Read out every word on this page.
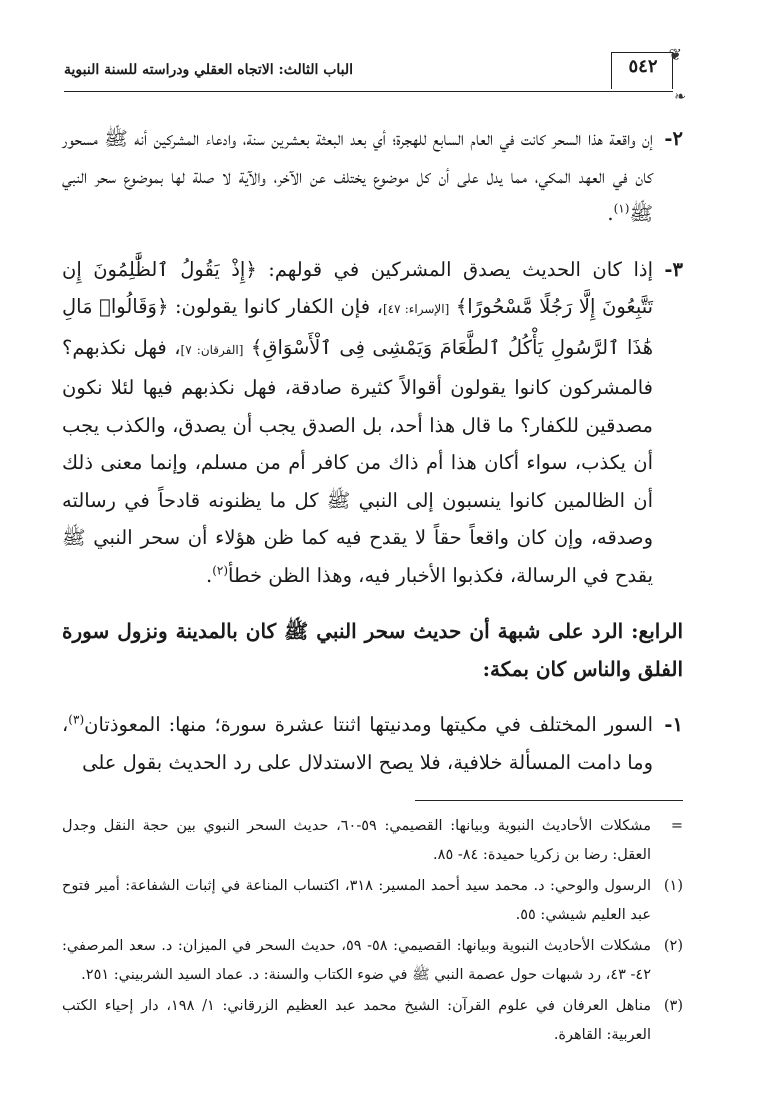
❦
❧
٥٤٢
الباب الثالث: الاتجاه العقلي ودراسته للسنة النبوية
٢-
إن واقعة هذا السحر كانت في العام السابع للهجرة؛ أي بعد البعثة بعشرين سنة، وادعاء المشركين أنه ﷺ مسحور كان في العهد المكي، مما يدل على أن كل موضوع يختلف عن الآخر، والآية لا صلة لها بموضوع سحر النبي ﷺ$^{(١)}$.
٣-
إذا كان الحديث يصدق المشركين في قولهم: ﴿إِذْ يَقُولُ ٱلظَّٰلِمُونَ إِن تَتَّبِعُونَ إِلَّا رَجُلًا مَّسْحُورًا﴾ [الإسراء: ٤٧]، فإن الكفار كانوا يقولون: ﴿وَقَالُوا۟ مَالِ هَٰذَا ٱلرَّسُولِ يَأْكُلُ ٱلطَّعَامَ وَيَمْشِى فِى ٱلْأَسْوَاقِ﴾ [الفرقان: ٧]، فهل نكذبهم؟ فالمشركون كانوا يقولون أقوالاً كثيرة صادقة، فهل نكذبهم فيها لئلا نكون مصدقين للكفار؟ ما قال هذا أحد، بل الصدق يجب أن يصدق، والكذب يجب أن يكذب، سواء أكان هذا أم ذاك من كافر أم من مسلم، وإنما معنى ذلك أن الظالمين كانوا ينسبون إلى النبي ﷺ كل ما يظنونه قادحاً في رسالته وصدقه، وإن كان واقعاً حقاً لا يقدح فيه كما ظن هؤلاء أن سحر النبي ﷺ يقدح في الرسالة، فكذبوا الأخبار فيه، وهذا الظن خطأ$^{(٢)}$.
الرابع: الرد على شبهة أن حديث سحر النبي ﷺ كان بالمدينة ونزول سورة الفلق والناس كان بمكة:
١-
السور المختلف في مكيتها ومدنيتها اثنتا عشرة سورة؛ منها: المعوذتان$^{(٣)}$، وما دامت المسألة خلافية، فلا يصح الاستدلال على رد الحديث بقول على
=
مشكلات الأحاديث النبوية وبيانها: القصيمي: ٥٩-٦٠، حديث السحر النبوي بين حجة النقل وجدل العقل: رضا بن زكريا حميدة: ٨٤- ٨٥.
(١)
الرسول والوحي: د. محمد سيد أحمد المسير: ٣١٨، اكتساب المناعة في إثبات الشفاعة: أمير فتوح عبد العليم شيشي: ٥٥.
(٢)
مشكلات الأحاديث النبوية وبيانها: القصيمي: ٥٨- ٥٩، حديث السحر في الميزان: د. سعد المرصفي: ٤٢- ٤٣، رد شبهات حول عصمة النبي ﷺ في ضوء الكتاب والسنة: د. عماد السيد الشربيني: ٢٥١.
(٣)
مناهل العرفان في علوم القرآن: الشيخ محمد عبد العظيم الزرقاني: ١/ ١٩٨، دار إحياء الكتب العربية: القاهرة.
